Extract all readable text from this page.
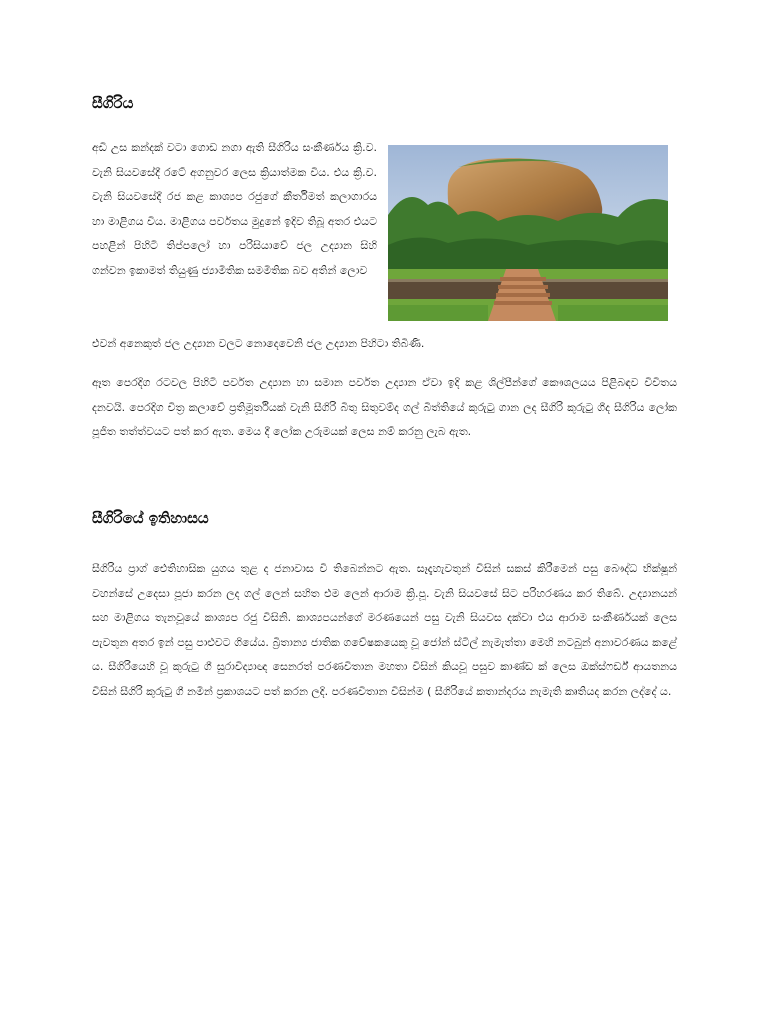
සීගිරිය

අඩි උස කන්දක් වටා ගොඩ නගා ඇති සීගිරිය සංකීර්ණය ක්‍රි.ව. වැනි සියවසේදී රටේ අගනුවර ලෙස ක්‍රියාත්මක විය. එය ක්‍රි.ව. වැනි සියවසේදී රජ කළ කාශ්‍යප රජුගේ කීර්තිමත් කලාගාරය හා මාළිගය විය. මාළිගය පර්වතය මුදුනේ ඉදිව තිබූ අතර එයට පහළින් පිහිටි තිප්පලෝ හා පරිසියාවේ ජල උද්‍යාන සිහි ගන්වන ඉකාමත් තියුණු ජ්‍යාමිතික සමමිතික බව අතින් ලොව

එවන් අනෙකුත් ජල උද්‍යාන වලට නොදෙවෙනි ජල උද්‍යාන පිහිටා තිබිණි.

ඈත පෙරදිග රටවල පිහිටි පර්වත උද්‍යාන හා සමාන පර්වත උද්‍යාන ඒවා ඉදි කළ ශිල්පීන්ගේ කෞශලයය පිළිබඳව විවිතය දනවයි. පෙරදිග චිත්‍ර කලාවේ ප්‍රතිමූර්තියක් වැනි සීගිරි බිතු සිතුවම්ද ගල් බිත්තියේ කුරුටු ගාන ලද සීගිරි කුරුටු ගීද සීගිරිය ලෝක පූජිත තත්ත්වයට පත් කර ඇත. මෙය දී ලෝක උරුමයක් ලෙස නම් කරනු ලැබ ඇත.

සීගිරියේ ඉතිහාසය

සීගිරිය ප්‍රාග් ඓතිහාසික යුගය තුළ ද ජනාවාස වී තිබෙන්නට ඇත. සෑදැහැවතුන් විසින් සකස් කිරීමෙන් පසු බෞද්ධ භික්ෂූන් වහන්සේ උදෙසා පූජා කරන ලද ගල් ලෙන් සහිත එම ලෙන් ආරාම ක්‍රි.පූ. වැනි සියවසේ සිට පරිහරණය කර තිබේ. උද්‍යානයන් සහ මාළිගය තැනවූයේ කාශ්‍යප රජු විසිනි. කාශ්‍යපයන්ගේ මරණයෙන් පසු වැනි සියවස දක්වා එය ආරාම සංකීර්ණයක් ලෙස පැවතුන අතර ඉන් පසු පාළුවට ගියේය. බ්‍රිතාන්‍ය ජාතික ගවේෂකයෙකු වූ ජෝන් ස්ටිල් නැමැත්තා මෙහි නටබුන් අනාවරණය කළේ ය. සීගිරියෙහි වූ කුරුටු ගී සුරාවිද්‍යාඥ සෙනරත් පරණවිතාන මහතා විසින් කියවූ පසුව කාණ්ඩ ක් ලෙස ඔක්ස්ෆර්ඩ් ආයතනය විසින් සීගිරි කුරුටු ගී නමින් ප්‍රකාශයට පත් කරන ලදි. පරණවිතාන විසින්ම ( සීගිරියේ කතාන්දරය නැමැති කෘතියද කරන ලද්දේ ය.
